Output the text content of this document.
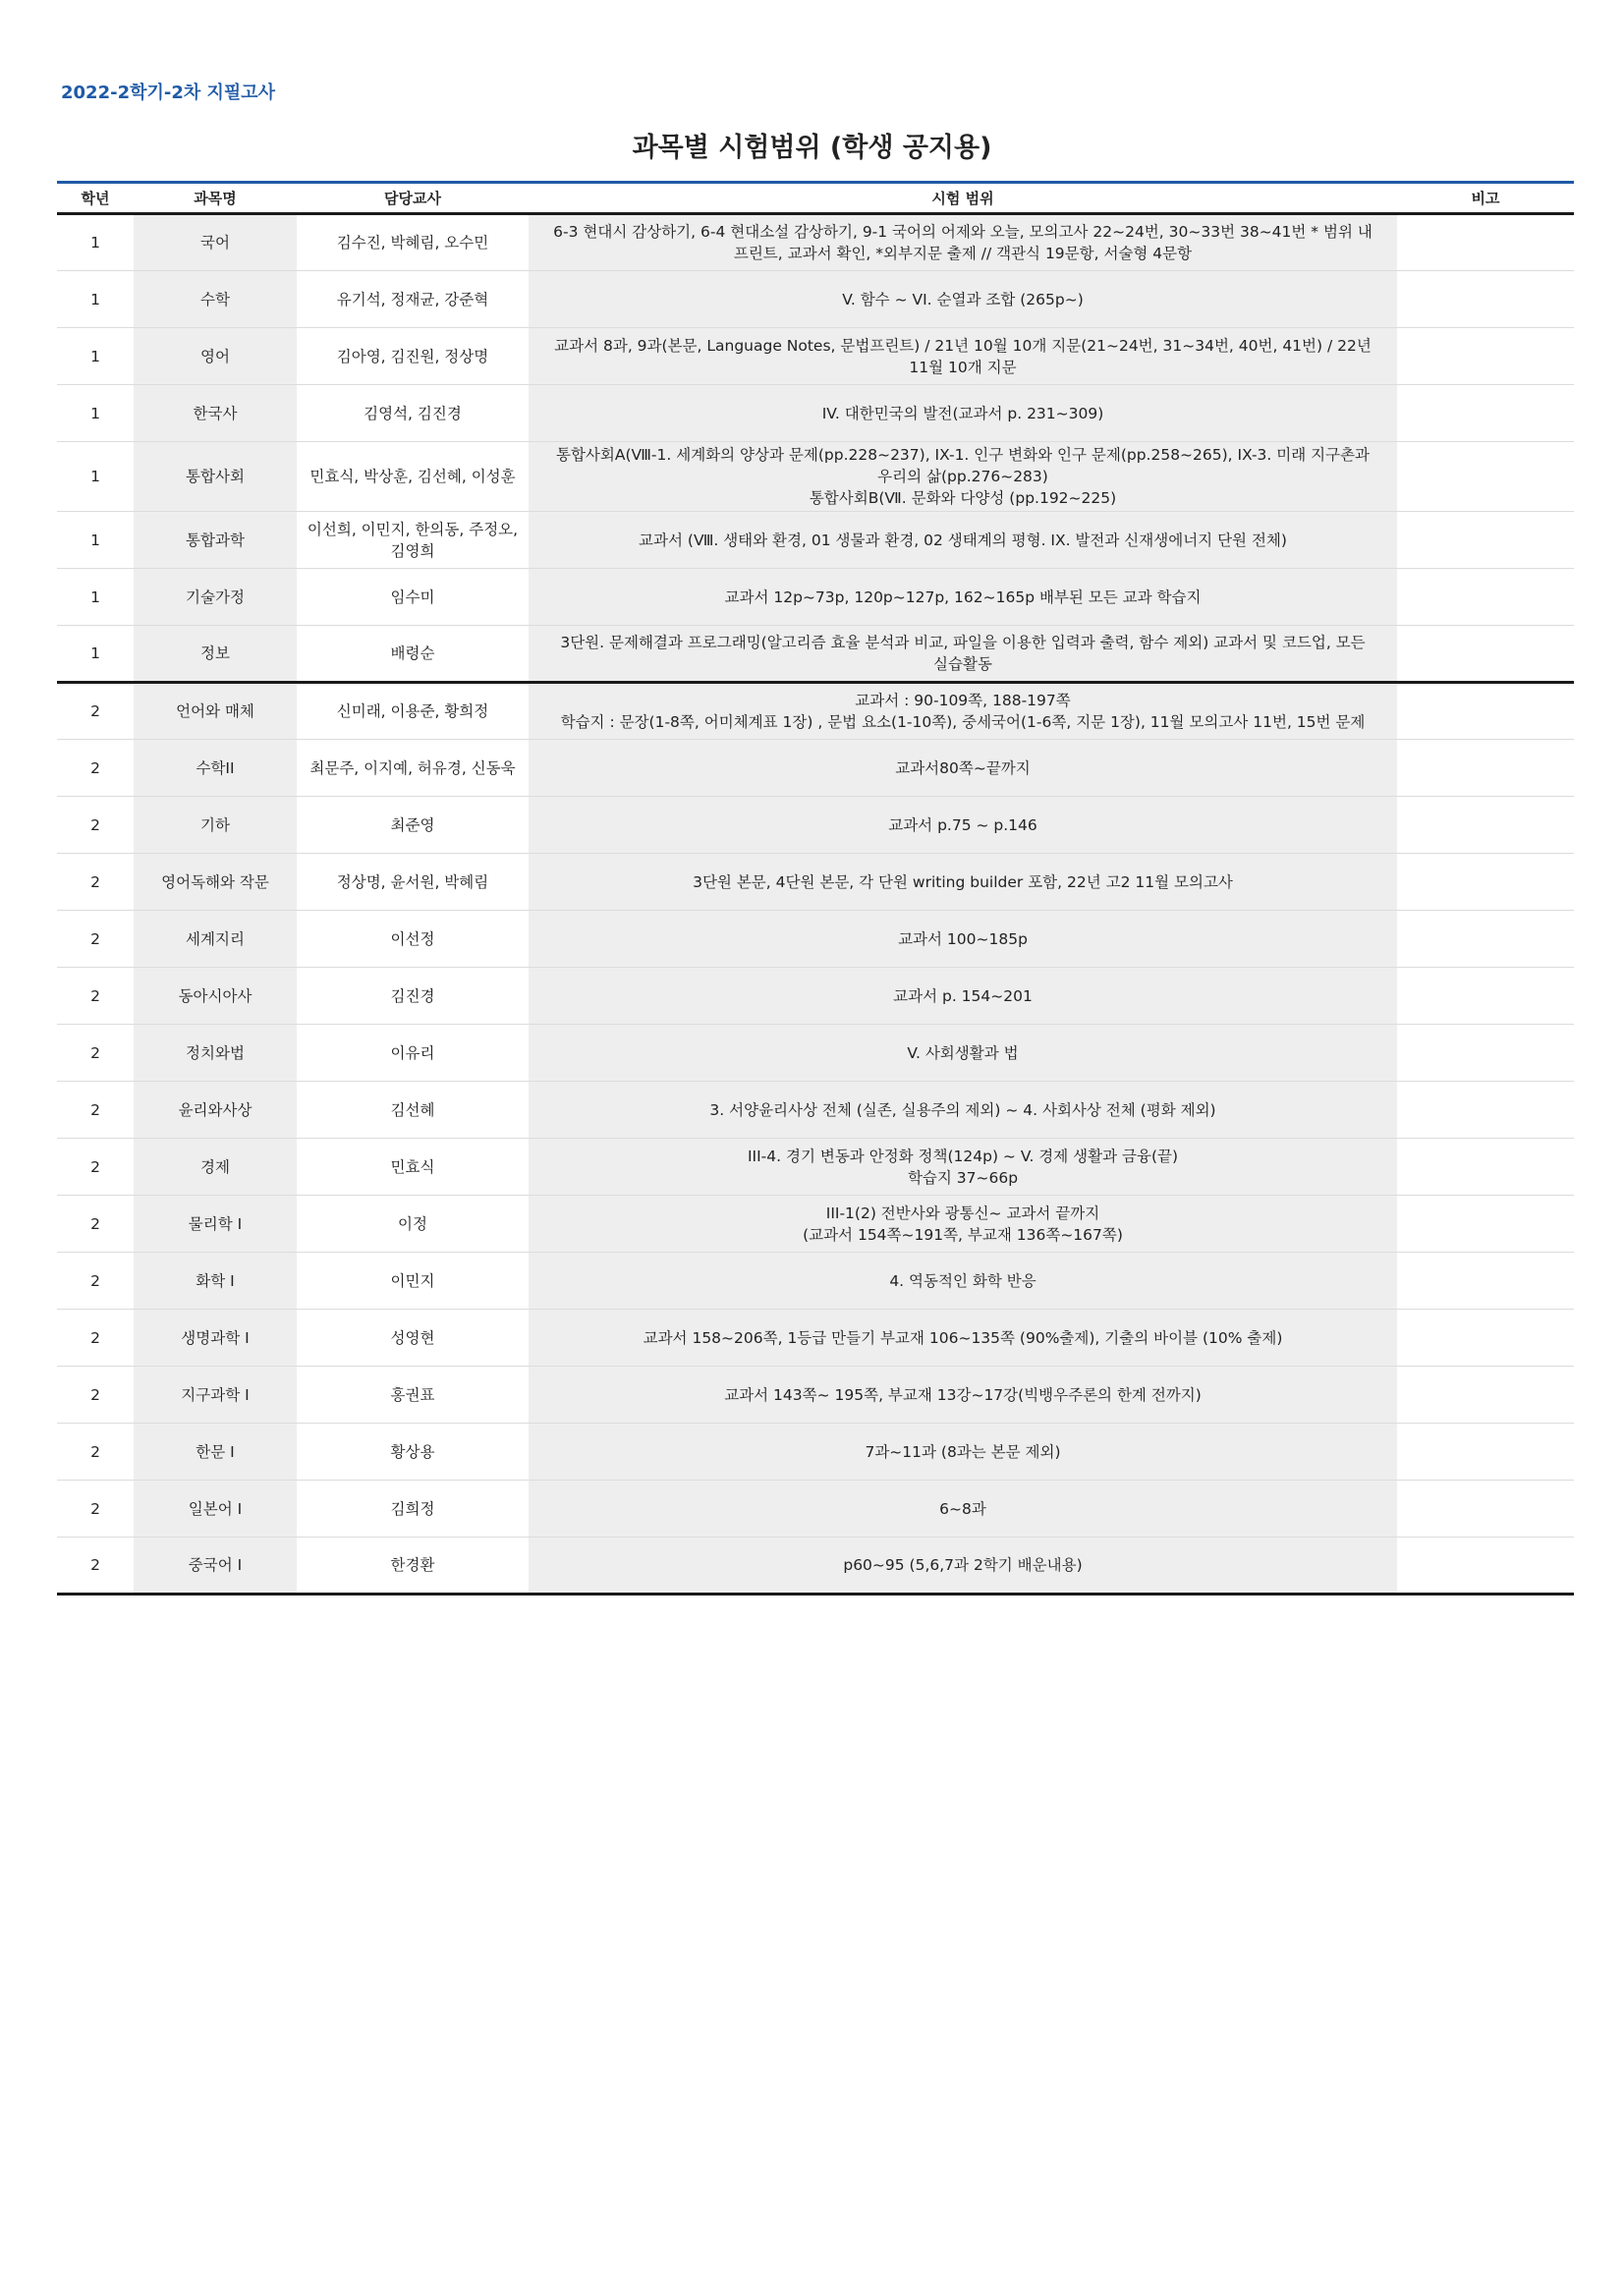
2022-2학기-2차 지필고사
과목별 시험범위 (학생 공지용)
학년	과목명	담당교사	시험 범위	비고
1	국어	김수진, 박혜림, 오수민	6-3 현대시 감상하기, 6-4 현대소설 감상하기, 9-1 국어의 어제와 오늘, 모의고사 22~24번, 30~33번 38~41번 * 범위 내 프린트, 교과서 확인, *외부지문 출제 // 객관식 19문항, 서술형 4문항	
1	수학	유기석, 정재균, 강준혁	V. 함수 ~ VI. 순열과 조합 (265p~)	
1	영어	김아영, 김진원, 정상명	교과서 8과, 9과(본문, Language Notes, 문법프린트) / 21년 10월 10개 지문(21~24번, 31~34번, 40번, 41번) / 22년 11월 10개 지문	
1	한국사	김영석, 김진경	IV. 대한민국의 발전(교과서 p. 231~309)	
1	통합사회	민효식, 박상훈, 김선혜, 이성훈	통합사회A(Ⅷ-1. 세계화의 양상과 문제(pp.228~237), IX-1. 인구 변화와 인구 문제(pp.258~265), IX-3. 미래 지구촌과 우리의 삶(pp.276~283)
통합사회B(Ⅶ. 문화와 다양성 (pp.192~225)	
1	통합과학	이선희, 이민지, 한의동, 주정오, 김영희	교과서 (Ⅷ. 생태와 환경, 01 생물과 환경, 02 생태계의 평형. IX. 발전과 신재생에너지 단원 전체)	
1	기술가정	임수미	교과서 12p~73p, 120p~127p, 162~165p 배부된 모든 교과 학습지	
1	정보	배령순	3단원. 문제해결과 프로그래밍(알고리즘 효율 분석과 비교, 파일을 이용한 입력과 출력, 함수 제외) 교과서 및 코드업, 모든 실습활동	
2	언어와 매체	신미래, 이용준, 황희정	교과서 : 90-109쪽, 188-197쪽
학습지 : 문장(1-8쪽, 어미체계표 1장) , 문법 요소(1-10쪽), 중세국어(1-6쪽, 지문 1장), 11월 모의고사 11번, 15번 문제	
2	수학II	최문주, 이지예, 허유경, 신동욱	교과서80쪽~끝까지	
2	기하	최준영	교과서 p.75 ~ p.146	
2	영어독해와 작문	정상명, 윤서원, 박혜림	3단원 본문, 4단원 본문, 각 단원 writing builder 포함, 22년 고2 11월 모의고사	
2	세계지리	이선정	교과서 100~185p	
2	동아시아사	김진경	교과서 p. 154~201	
2	정치와법	이유리	V. 사회생활과 법	
2	윤리와사상	김선혜	3. 서양윤리사상 전체 (실존, 실용주의 제외) ~ 4. 사회사상 전체 (평화 제외)	
2	경제	민효식	III-4. 경기 변동과 안정화 정책(124p) ~ V. 경제 생활과 금융(끝)
학습지 37~66p	
2	물리학 I	이정	III-1(2) 전반사와 광통신~ 교과서 끝까지
(교과서 154쪽~191쪽, 부교재 136쪽~167쪽)	
2	화학 I	이민지	4. 역동적인 화학 반응	
2	생명과학 I	성영현	교과서 158~206쪽, 1등급 만들기 부교재 106~135쪽 (90%출제), 기출의 바이블 (10% 출제)	
2	지구과학 I	홍권표	교과서 143쪽~ 195쪽, 부교재 13강~17강(빅뱅우주론의 한계 전까지)	
2	한문 I	황상용	7과~11과 (8과는 본문 제외)	
2	일본어 I	김희정	6~8과	
2	중국어 I	한경환	p60~95 (5,6,7과 2학기 배운내용)	
